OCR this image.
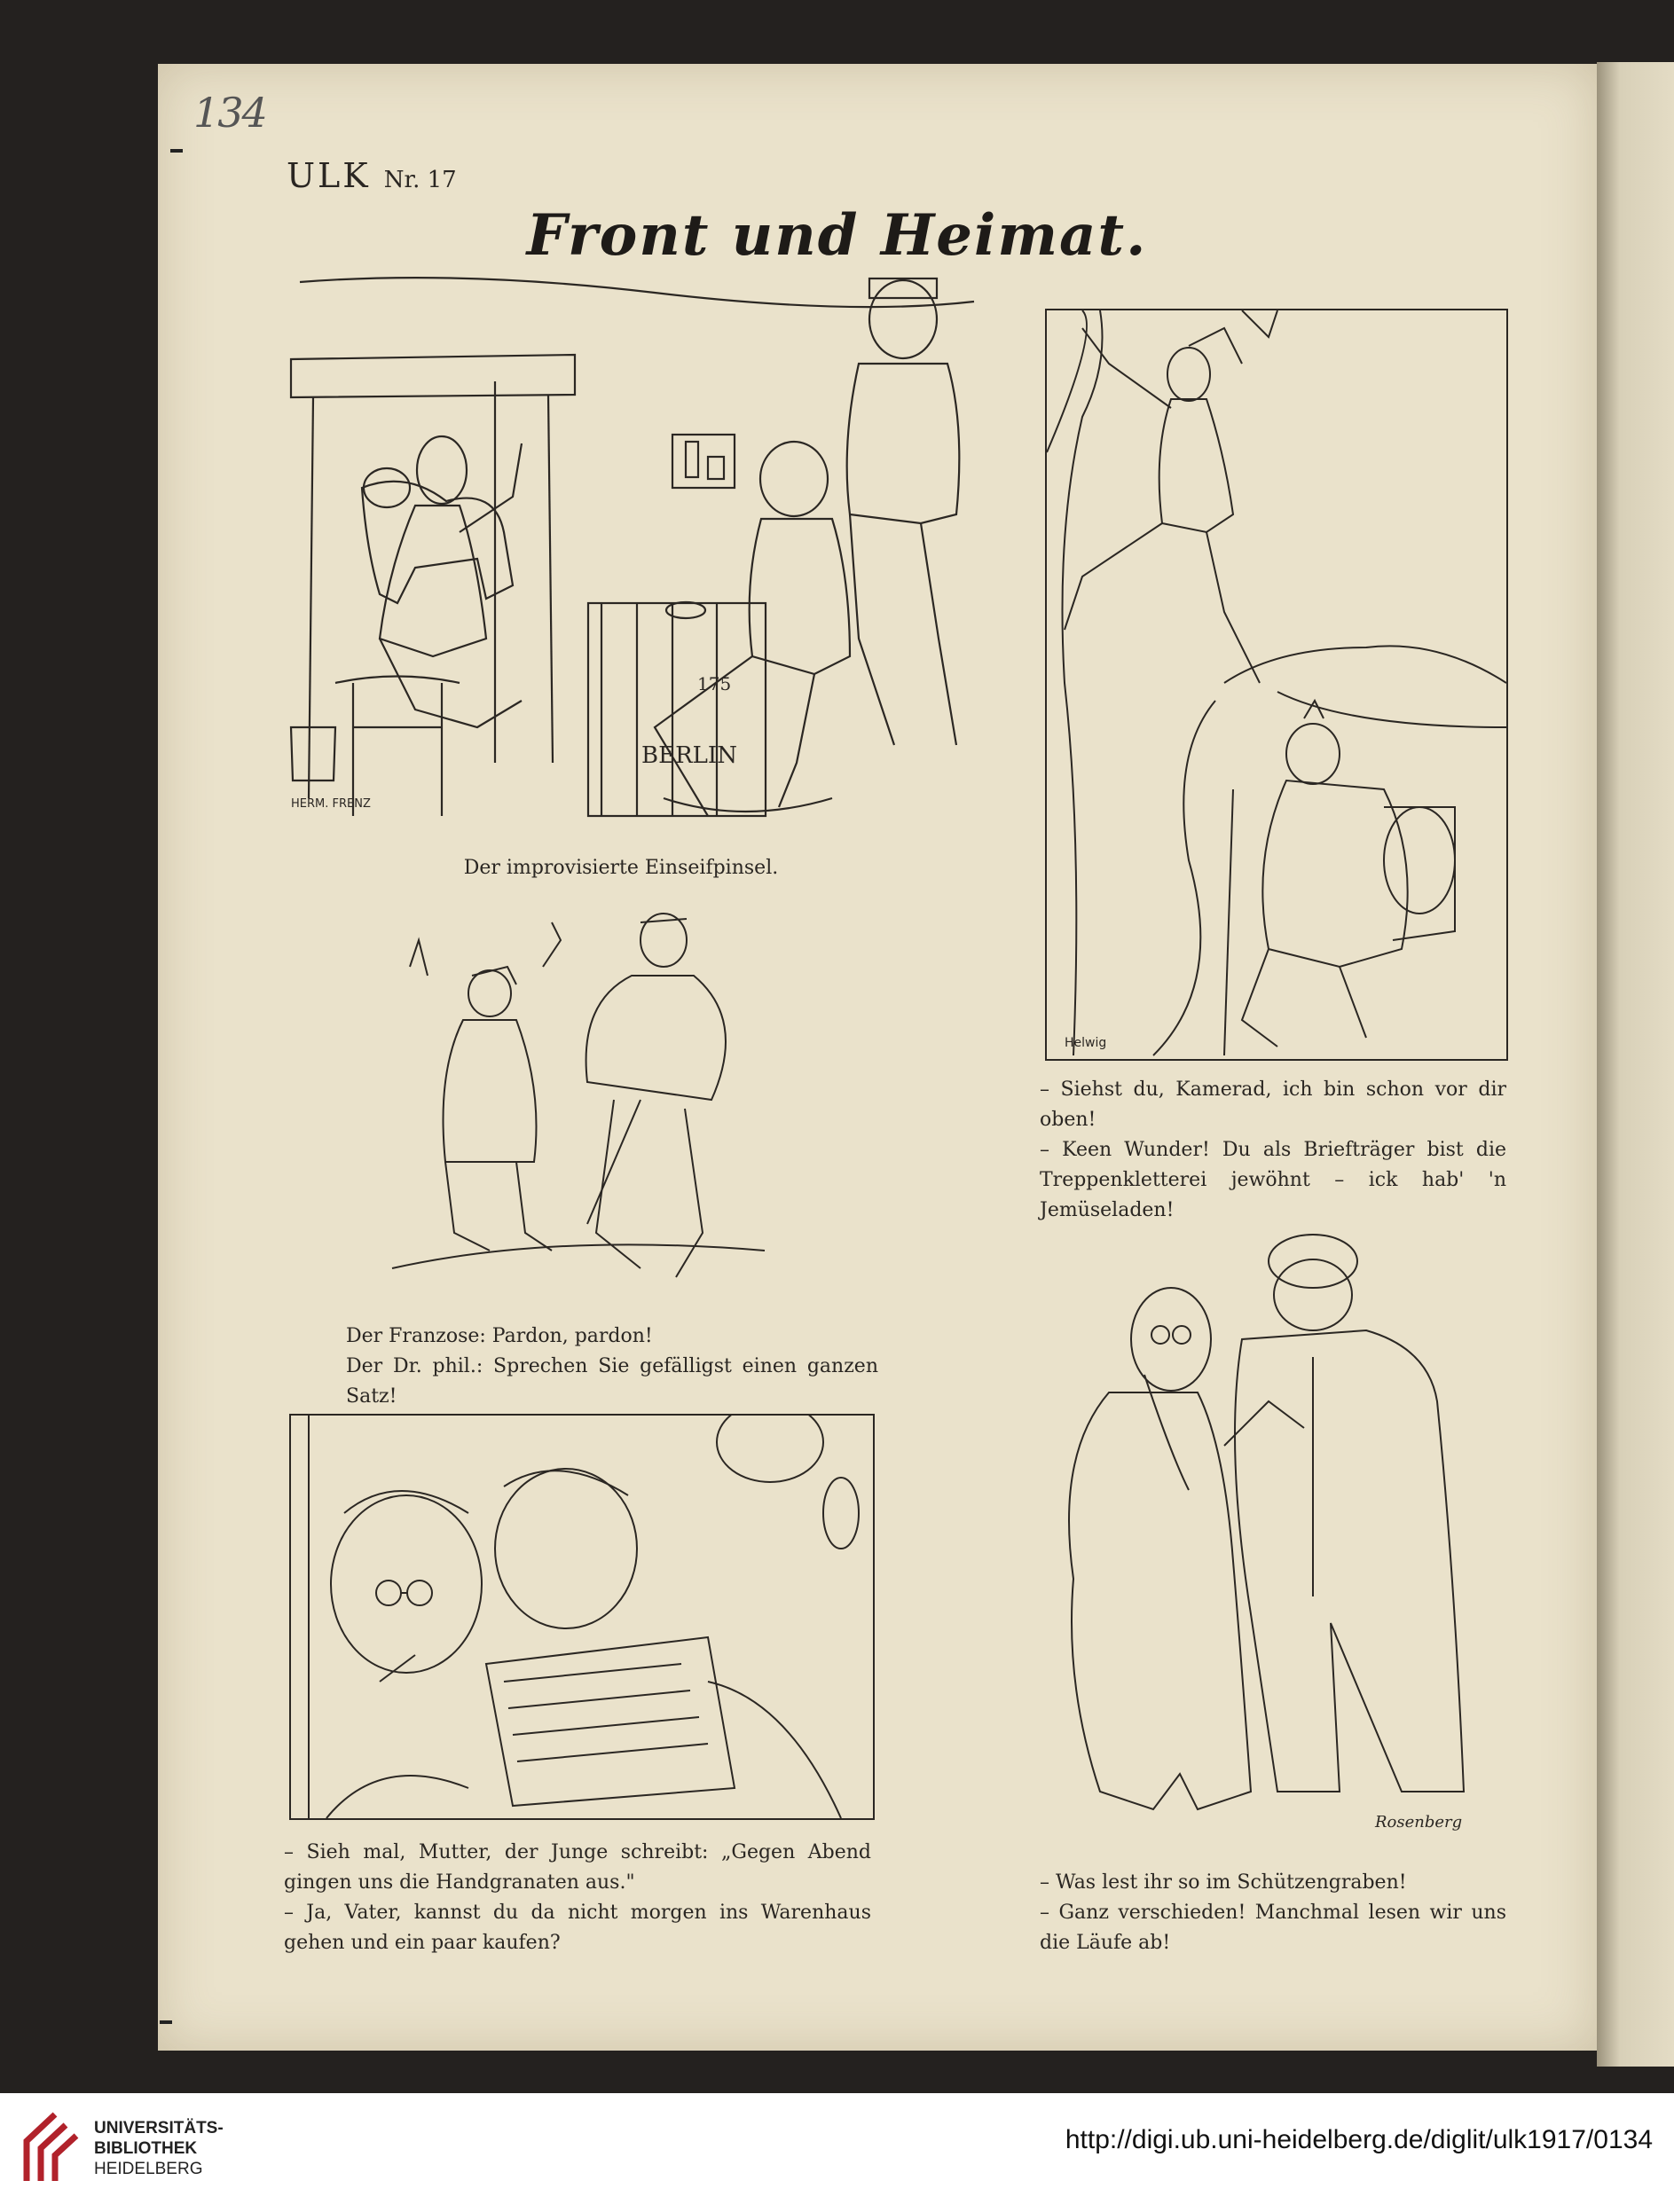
134
ULK Nr. 17
Front und Heimat.
175
BERLIN
HERM. FRENZ
Der improvisierte Einseifpinsel.
Helwig

– Siehst du, Kamerad, ich bin schon vor dir oben!

– Keen Wunder! Du als Briefträger bist die Treppenkletterei jewöhnt – ick hab' 'n Jemüseladen!

Der Franzose: Pardon, pardon!

Der Dr. phil.: Sprechen Sie gefälligst einen ganzen Satz!

– Sieh mal, Mutter, der Junge schreibt: „Gegen Abend gingen uns die Handgranaten aus."

– Ja, Vater, kannst du da nicht morgen ins Warenhaus gehen und ein paar kaufen?

Rosenberg

– Was lest ihr so im Schützengraben!

– Ganz verschieden! Manchmal lesen wir uns die Läufe ab!

UNIVERSITÄTS-
BIBLIOTHEK
HEIDELBERG
http://digi.ub.uni-heidelberg.de/diglit/ulk1917/0134
